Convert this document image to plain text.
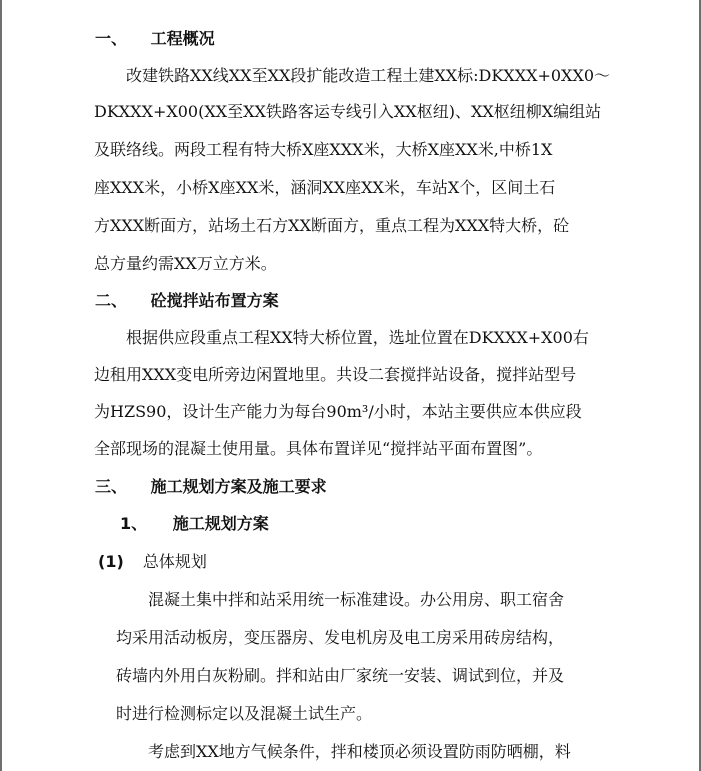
一、 工程概况
改建铁路XX线XX至XX段扩能改造工程土建XX标:DKXXX+0XX0～
DKXXX+X00(XX至XX铁路客运专线引入XX枢纽)、XX枢纽柳X编组站
及联络线。两段工程有特大桥X座XXX米，大桥X座XX米,中桥1X
座XXX米，小桥X座XX米，涵洞XX座XX米，车站X个，区间土石
方XXX断面方，站场土石方XX断面方，重点工程为XXX特大桥，砼
总方量约需XX万立方米。
二、 砼搅拌站布置方案
根据供应段重点工程XX特大桥位置，选址位置在DKXXX+X00右
边租用XXX变电所旁边闲置地里。共设二套搅拌站设备，搅拌站型号
为HZS90，设计生产能力为每台90m³/小时，本站主要供应本供应段
全部现场的混凝土使用量。具体布置详见“搅拌站平面布置图”。
三、 施工规划方案及施工要求
1、 施工规划方案
(1) 总体规划
混凝土集中拌和站采用统一标准建设。办公用房、职工宿舍
均采用活动板房，变压器房、发电机房及电工房采用砖房结构，
砖墙内外用白灰粉刷。拌和站由厂家统一安装、调试到位，并及
时进行检测标定以及混凝土试生产。
考虑到XX地方气候条件，拌和楼顶必须设置防雨防晒棚，料
